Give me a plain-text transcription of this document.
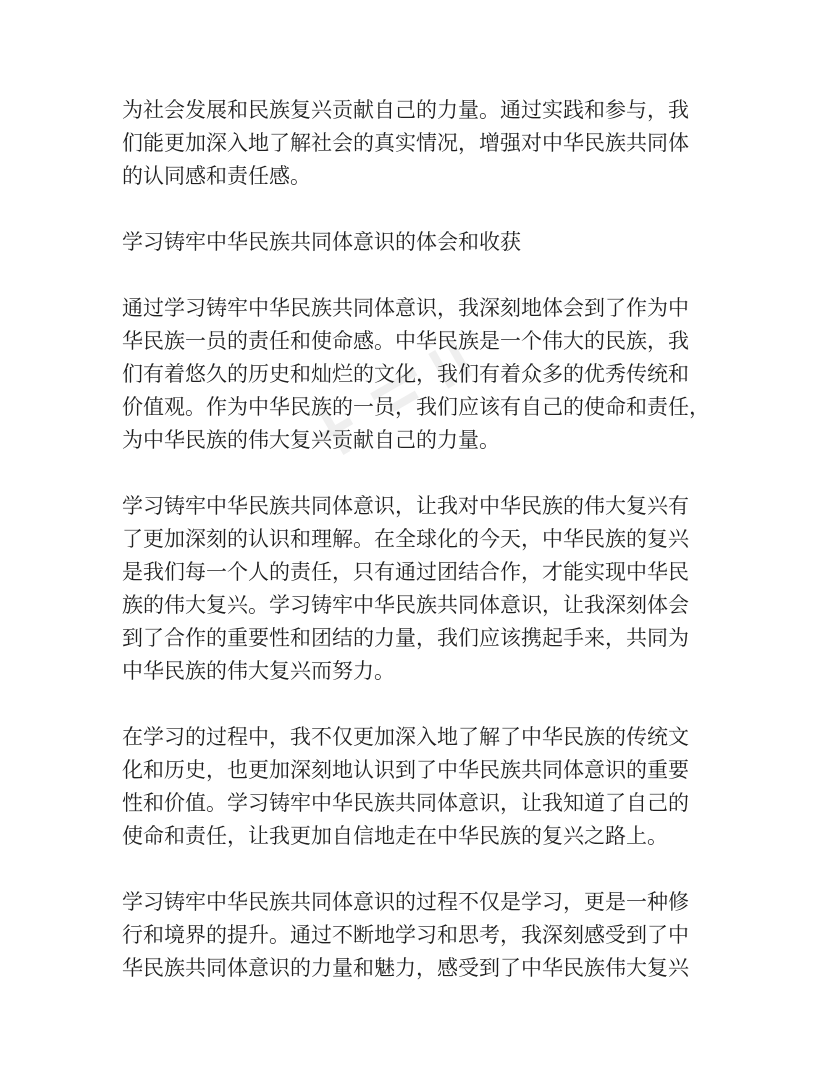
为社会发展和民族复兴贡献自己的力量。通过实践和参与，我
们能更加深入地了解社会的真实情况，增强对中华民族共同体
的认同感和责任感。

学习铸牢中华民族共同体意识的体会和收获

通过学习铸牢中华民族共同体意识，我深刻地体会到了作为中
华民族一员的责任和使命感。中华民族是一个伟大的民族，我
们有着悠久的历史和灿烂的文化，我们有着众多的优秀传统和
价值观。作为中华民族的一员，我们应该有自己的使命和责任，
为中华民族的伟大复兴贡献自己的力量。

学习铸牢中华民族共同体意识，让我对中华民族的伟大复兴有
了更加深刻的认识和理解。在全球化的今天，中华民族的复兴
是我们每一个人的责任，只有通过团结合作，才能实现中华民
族的伟大复兴。学习铸牢中华民族共同体意识，让我深刻体会
到了合作的重要性和团结的力量，我们应该携起手来，共同为
中华民族的伟大复兴而努力。

在学习的过程中，我不仅更加深入地了解了中华民族的传统文
化和历史，也更加深刻地认识到了中华民族共同体意识的重要
性和价值。学习铸牢中华民族共同体意识，让我知道了自己的
使命和责任，让我更加自信地走在中华民族的复兴之路上。

学习铸牢中华民族共同体意识的过程不仅是学习，更是一种修
行和境界的提升。通过不断地学习和思考，我深刻感受到了中
华民族共同体意识的力量和魅力，感受到了中华民族伟大复兴
